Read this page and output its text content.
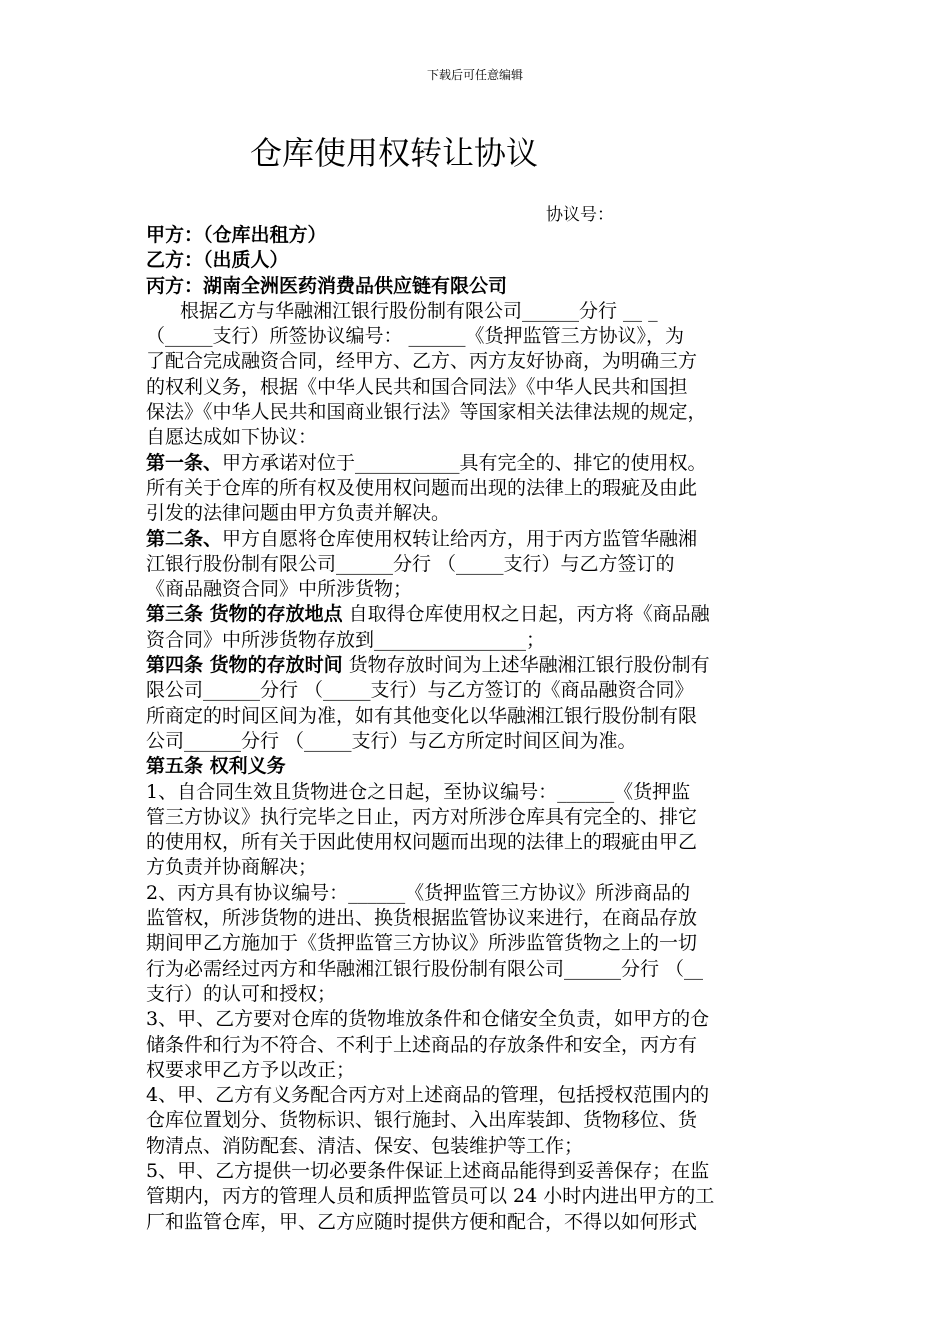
下载后可任意编辑
仓库使用权转让协议
协议号：
甲方：（仓库出租方）
乙方：（出质人）
丙方：湖南全洲医药消费品供应链有限公司
根据乙方与华融湘江银行股份制有限公司______分行 __ _
（_____支行）所签协议编号： ______《货押监管三方协议》，为
了配合完成融资合同，经甲方、乙方、丙方友好协商，为明确三方
的权利义务，根据《中华人民共和国合同法》《中华人民共和国担
保法》《中华人民共和国商业银行法》等国家相关法律法规的规定，
自愿达成如下协议：
第一条、甲方承诺对位于___________具有完全的、排它的使用权。
所有关于仓库的所有权及使用权问题而出现的法律上的瑕疵及由此
引发的法律问题由甲方负责并解决。
第二条、甲方自愿将仓库使用权转让给丙方，用于丙方监管华融湘
江银行股份制有限公司______分行 （_____支行）与乙方签订的
《商品融资合同》中所涉货物；
第三条 货物的存放地点 自取得仓库使用权之日起，丙方将《商品融
资合同》中所涉货物存放到________________；
第四条 货物的存放时间 货物存放时间为上述华融湘江银行股份制有
限公司______分行 （_____支行）与乙方签订的《商品融资合同》
所商定的时间区间为准，如有其他变化以华融湘江银行股份制有限
公司______分行 （_____支行）与乙方所定时间区间为准。
第五条 权利义务
1、自合同生效且货物进仓之日起，至协议编号：______《货押监
管三方协议》执行完毕之日止，丙方对所涉仓库具有完全的、排它
的使用权，所有关于因此使用权问题而出现的法律上的瑕疵由甲乙
方负责并协商解决；
2、丙方具有协议编号：______《货押监管三方协议》所涉商品的
监管权，所涉货物的进出、换货根据监管协议来进行，在商品存放
期间甲乙方施加于《货押监管三方协议》所涉监管货物之上的一切
行为必需经过丙方和华融湘江银行股份制有限公司______分行 （__
支行）的认可和授权；
3、甲、乙方要对仓库的货物堆放条件和仓储安全负责，如甲方的仓
储条件和行为不符合、不利于上述商品的存放条件和安全，丙方有
权要求甲乙方予以改正；
4、甲、乙方有义务配合丙方对上述商品的管理，包括授权范围内的
仓库位置划分、货物标识、银行施封、入出库装卸、货物移位、货
物清点、消防配套、清洁、保安、包装维护等工作；
5、甲、乙方提供一切必要条件保证上述商品能得到妥善保存；在监
管期内，丙方的管理人员和质押监管员可以 24 小时内进出甲方的工
厂和监管仓库，甲、乙方应随时提供方便和配合，不得以如何形式
